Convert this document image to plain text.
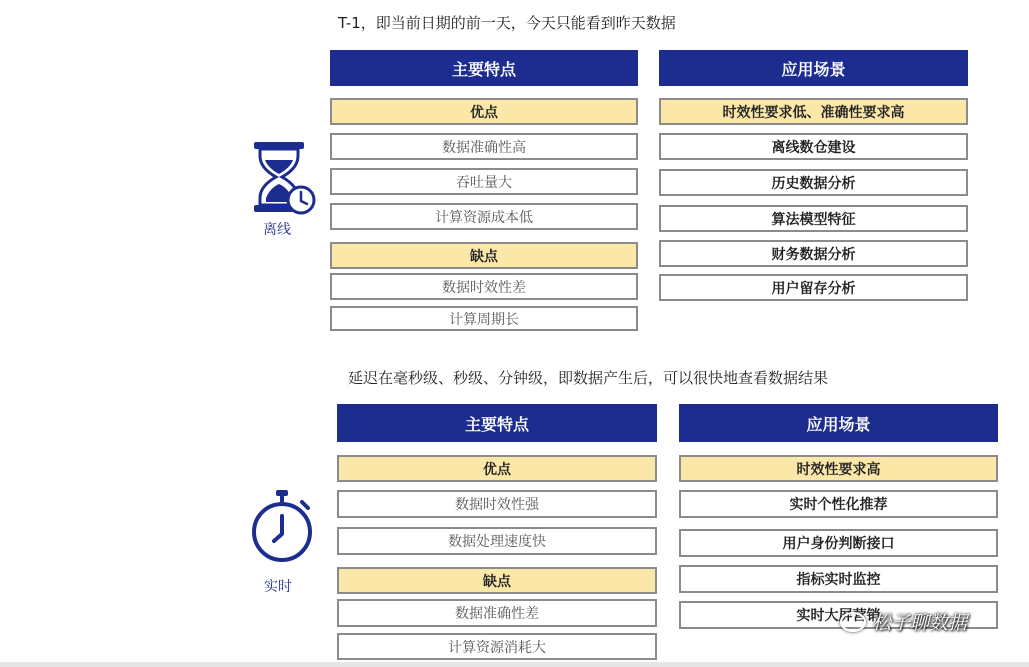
T-1，即当前日期的前一天，今天只能看到昨天数据
主要特点	应用场景
优点
数据准确性高
吞吐量大
计算资源成本低
缺点
数据时效性差
计算周期长
时效性要求低、准确性要求高
离线数仓建设
历史数据分析
算法模型特征
财务数据分析
用户留存分析
离线
延迟在毫秒级、秒级、分钟级，即数据产生后，可以很快地查看数据结果
主要特点	应用场景
优点
数据时效性强
数据处理速度快
缺点
数据准确性差
计算资源消耗大
时效性要求高
实时个性化推荐
用户身份判断接口
指标实时监控
实时大屏营销
实时
松子聊数据
